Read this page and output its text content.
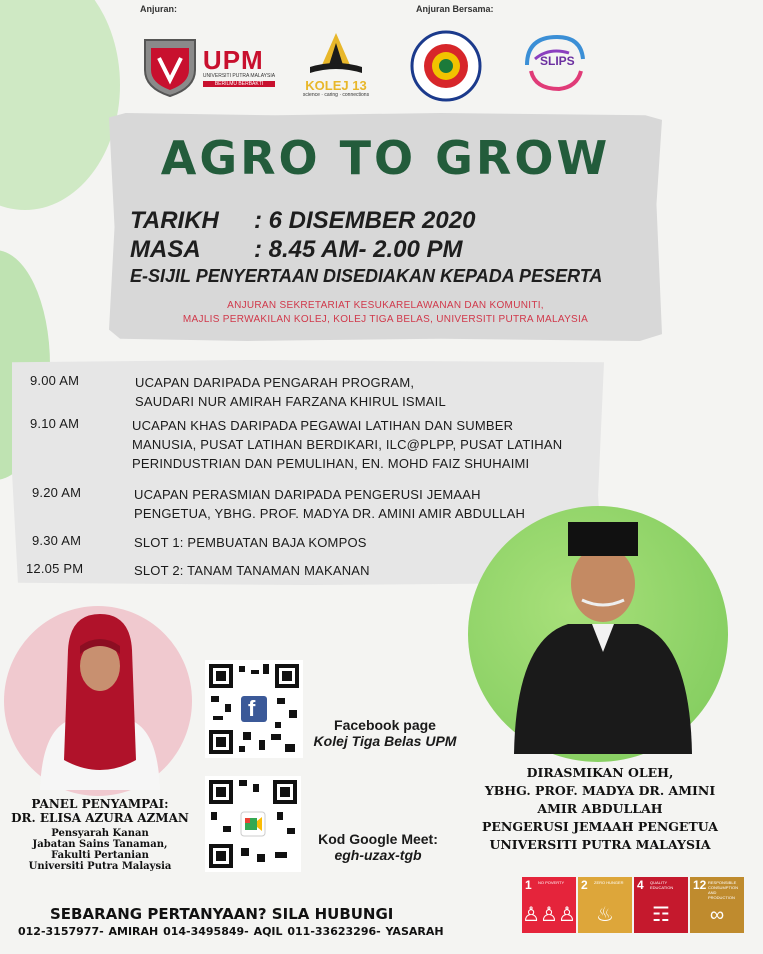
Anjuran:	Anjuran Bersama:
UPM
UNIVERSITI PUTRA MALAYSIA
BERILMU BERBAKTI	KOLEJ 13
science · caring · connections
SLIPS
AGRO TO GROW
TARIKH : 6 DISEMBER 2020
MASA : 8.45 AM- 2.00 PM
E-SIJIL PENYERTAAN DISEDIAKAN KEPADA PESERTA
ANJURAN SEKRETARIAT KESUKARELAWANAN DAN KOMUNITI,
MAJLIS PERWAKILAN KOLEJ, KOLEJ TIGA BELAS, UNIVERSITI PUTRA MALAYSIA
9.00 AM	UCAPAN DARIPADA PENGARAH PROGRAM,
SAUDARI NUR AMIRAH FARZANA KHIRUL ISMAIL
9.10 AM	UCAPAN KHAS DARIPADA PEGAWAI LATIHAN DAN SUMBER
MANUSIA, PUSAT LATIHAN BERDIKARI, ILC@PLPP, PUSAT LATIHAN
PERINDUSTRIAN DAN PEMULIHAN, EN. MOHD FAIZ SHUHAIMI
9.20 AM	UCAPAN PERASMIAN DARIPADA PENGERUSI JEMAAH
PENGETUA, YBHG. PROF. MADYA DR. AMINI AMIR ABDULLAH
9.30 AM	SLOT 1: PEMBUATAN BAJA KOMPOS
12.05 PM	SLOT 2: TANAM TANAMAN MAKANAN
PANEL PENYAMPAI:
DR. ELISA AZURA AZMAN
Pensyarah Kanan
Jabatan Sains Tanaman,
Fakulti Pertanian
Universiti Putra Malaysia
f
Facebook page
Kolej Tiga Belas UPM
Kod Google Meet:
egh-uzax-tgb
DIRASMIKAN OLEH,
YBHG. PROF. MADYA DR. AMINI
AMIR ABDULLAH
PENGERUSI JEMAAH PENGETUA
UNIVERSITI PUTRA MALAYSIA
1 NO POVERTY
♙♙♙
2 ZERO HUNGER
♨
4 QUALITY EDUCATION
☶
12 RESPONSIBLE CONSUMPTION AND PRODUCTION
∞
SEBARANG PERTANYAAN? SILA HUBUNGI
012-3157977- AMIRAH 014-3495849- AQIL 011-33623296- YASARAH
